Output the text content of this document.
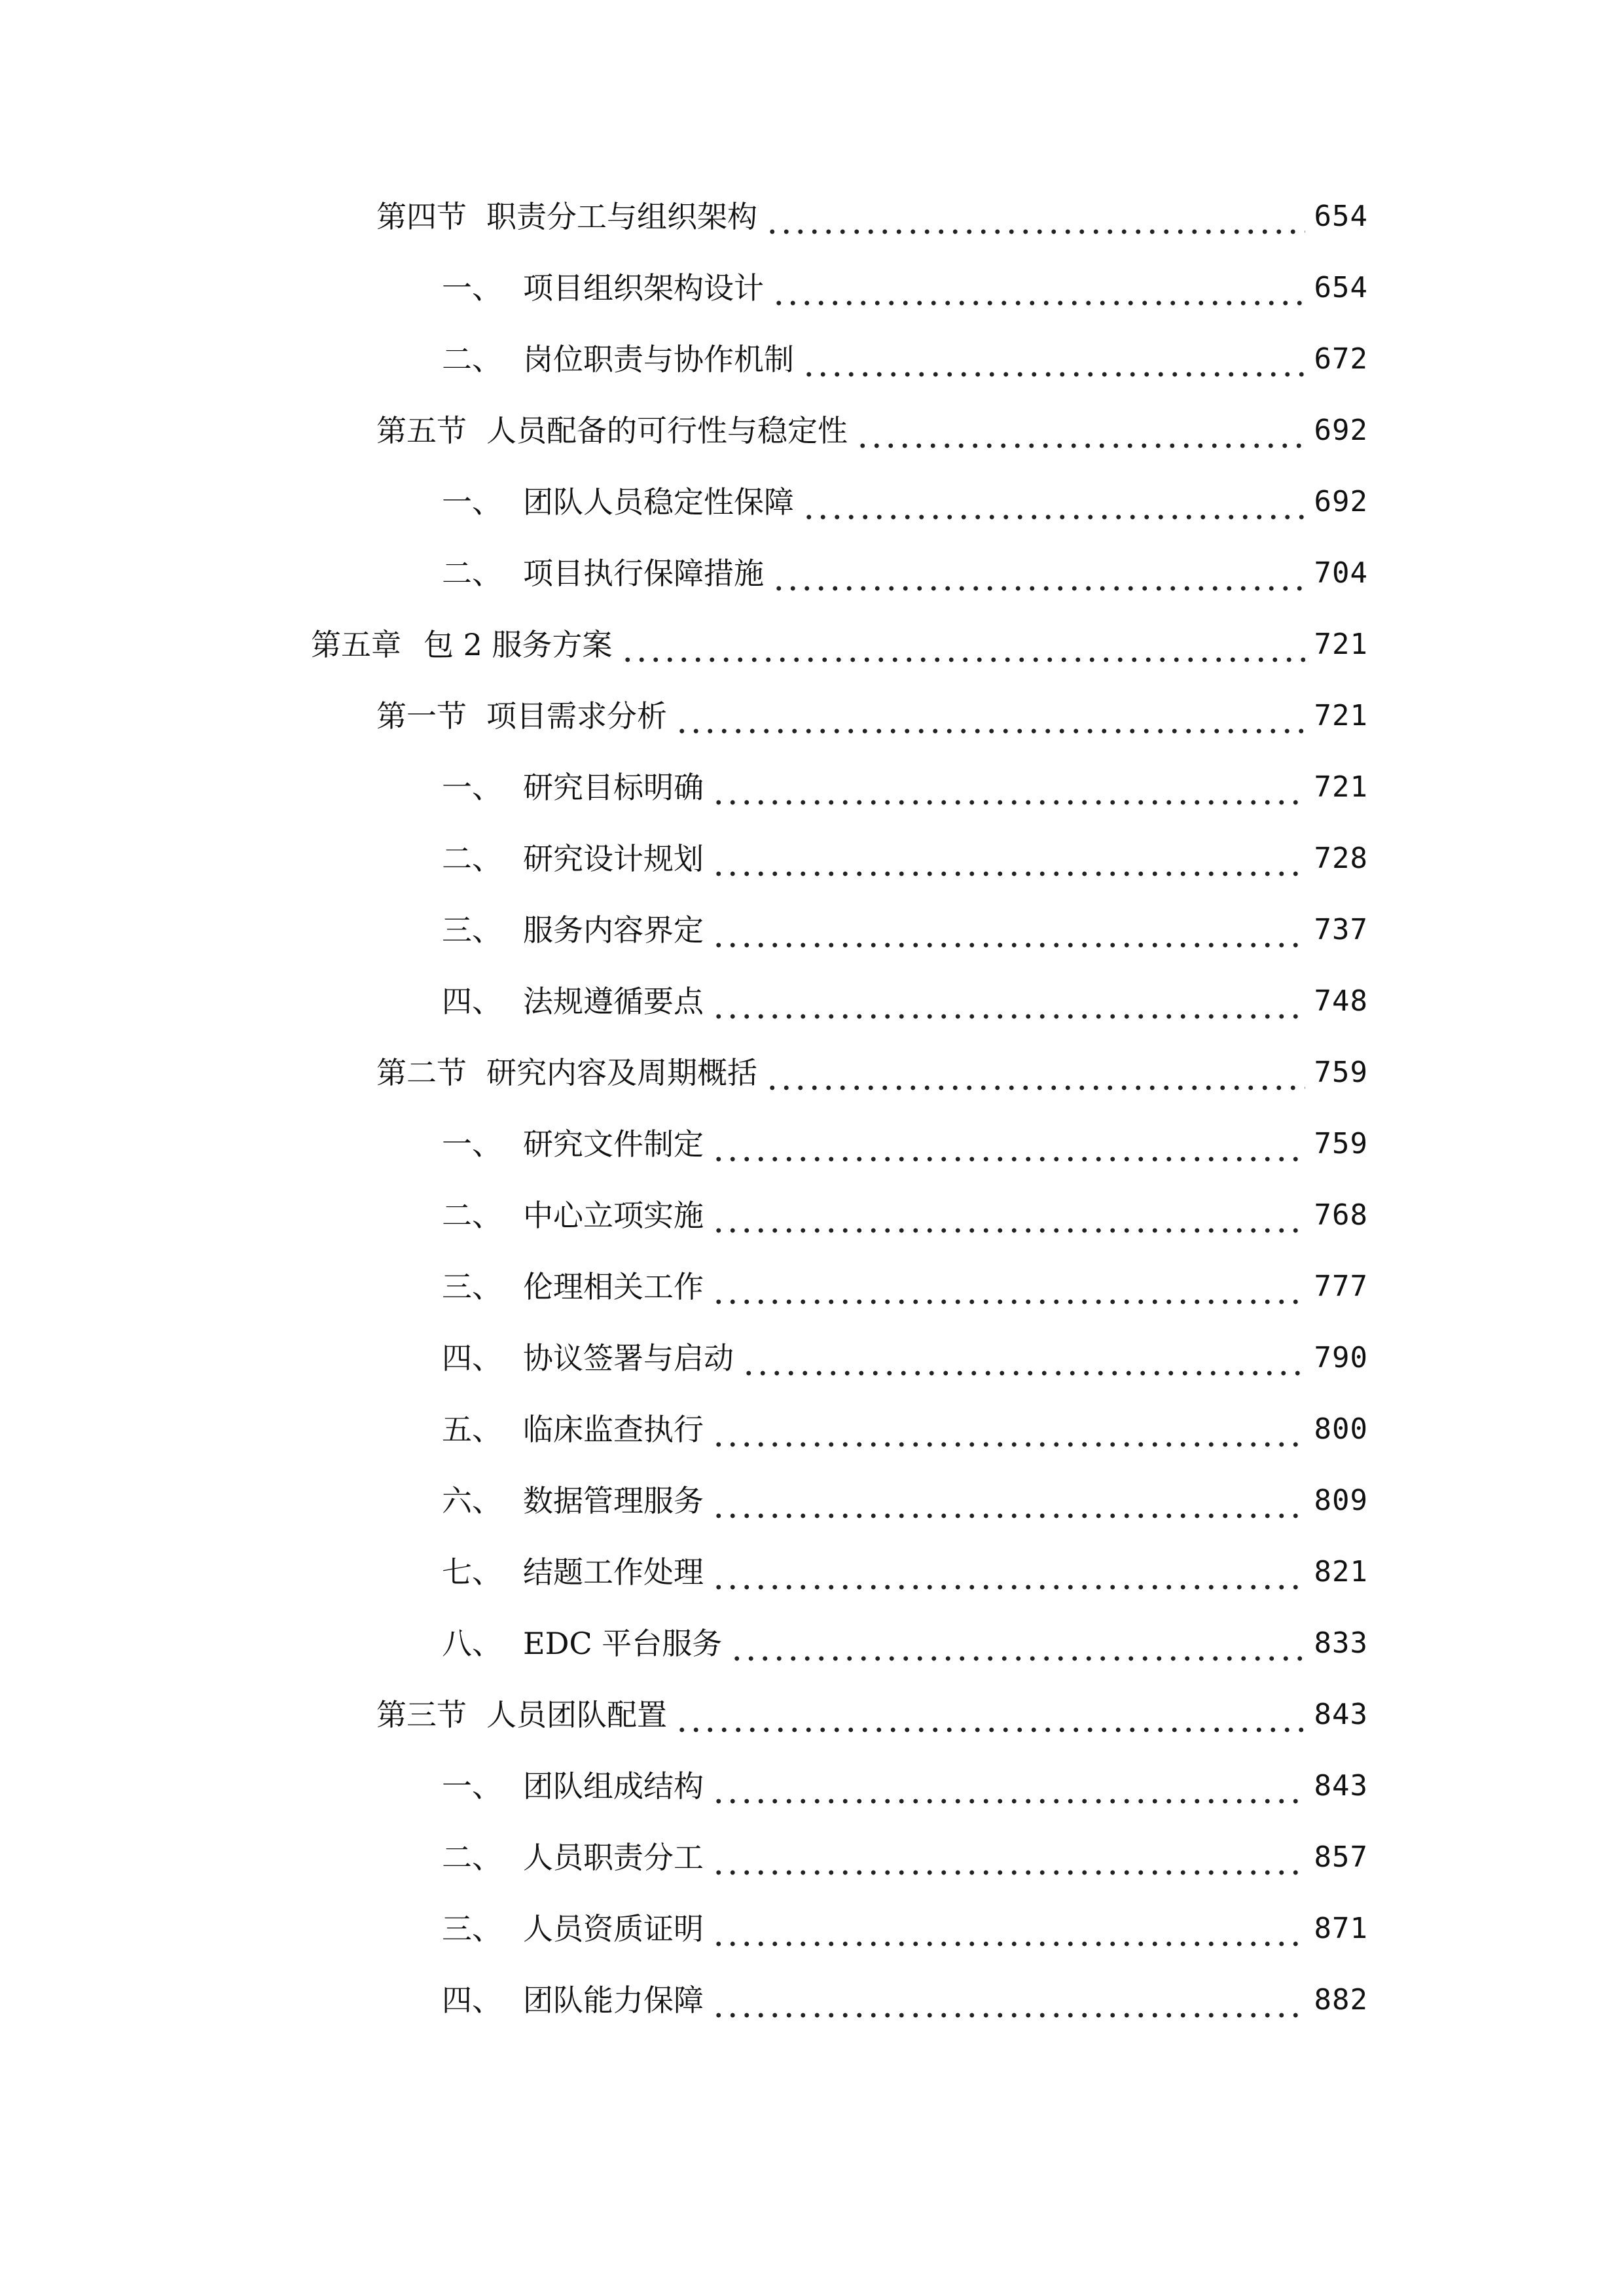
第四节 职责分工与组织架构	654
一、 项目组织架构设计	654
二、 岗位职责与协作机制	672
第五节 人员配备的可行性与稳定性	692
一、 团队人员稳定性保障	692
二、 项目执行保障措施	704
第五章 包 2 服务方案	721
第一节 项目需求分析	721
一、 研究目标明确	721
二、 研究设计规划	728
三、 服务内容界定	737
四、 法规遵循要点	748
第二节 研究内容及周期概括	759
一、 研究文件制定	759
二、 中心立项实施	768
三、 伦理相关工作	777
四、 协议签署与启动	790
五、 临床监查执行	800
六、 数据管理服务	809
七、 结题工作处理	821
八、 EDC 平台服务	833
第三节 人员团队配置	843
一、 团队组成结构	843
二、 人员职责分工	857
三、 人员资质证明	871
四、 团队能力保障	882
